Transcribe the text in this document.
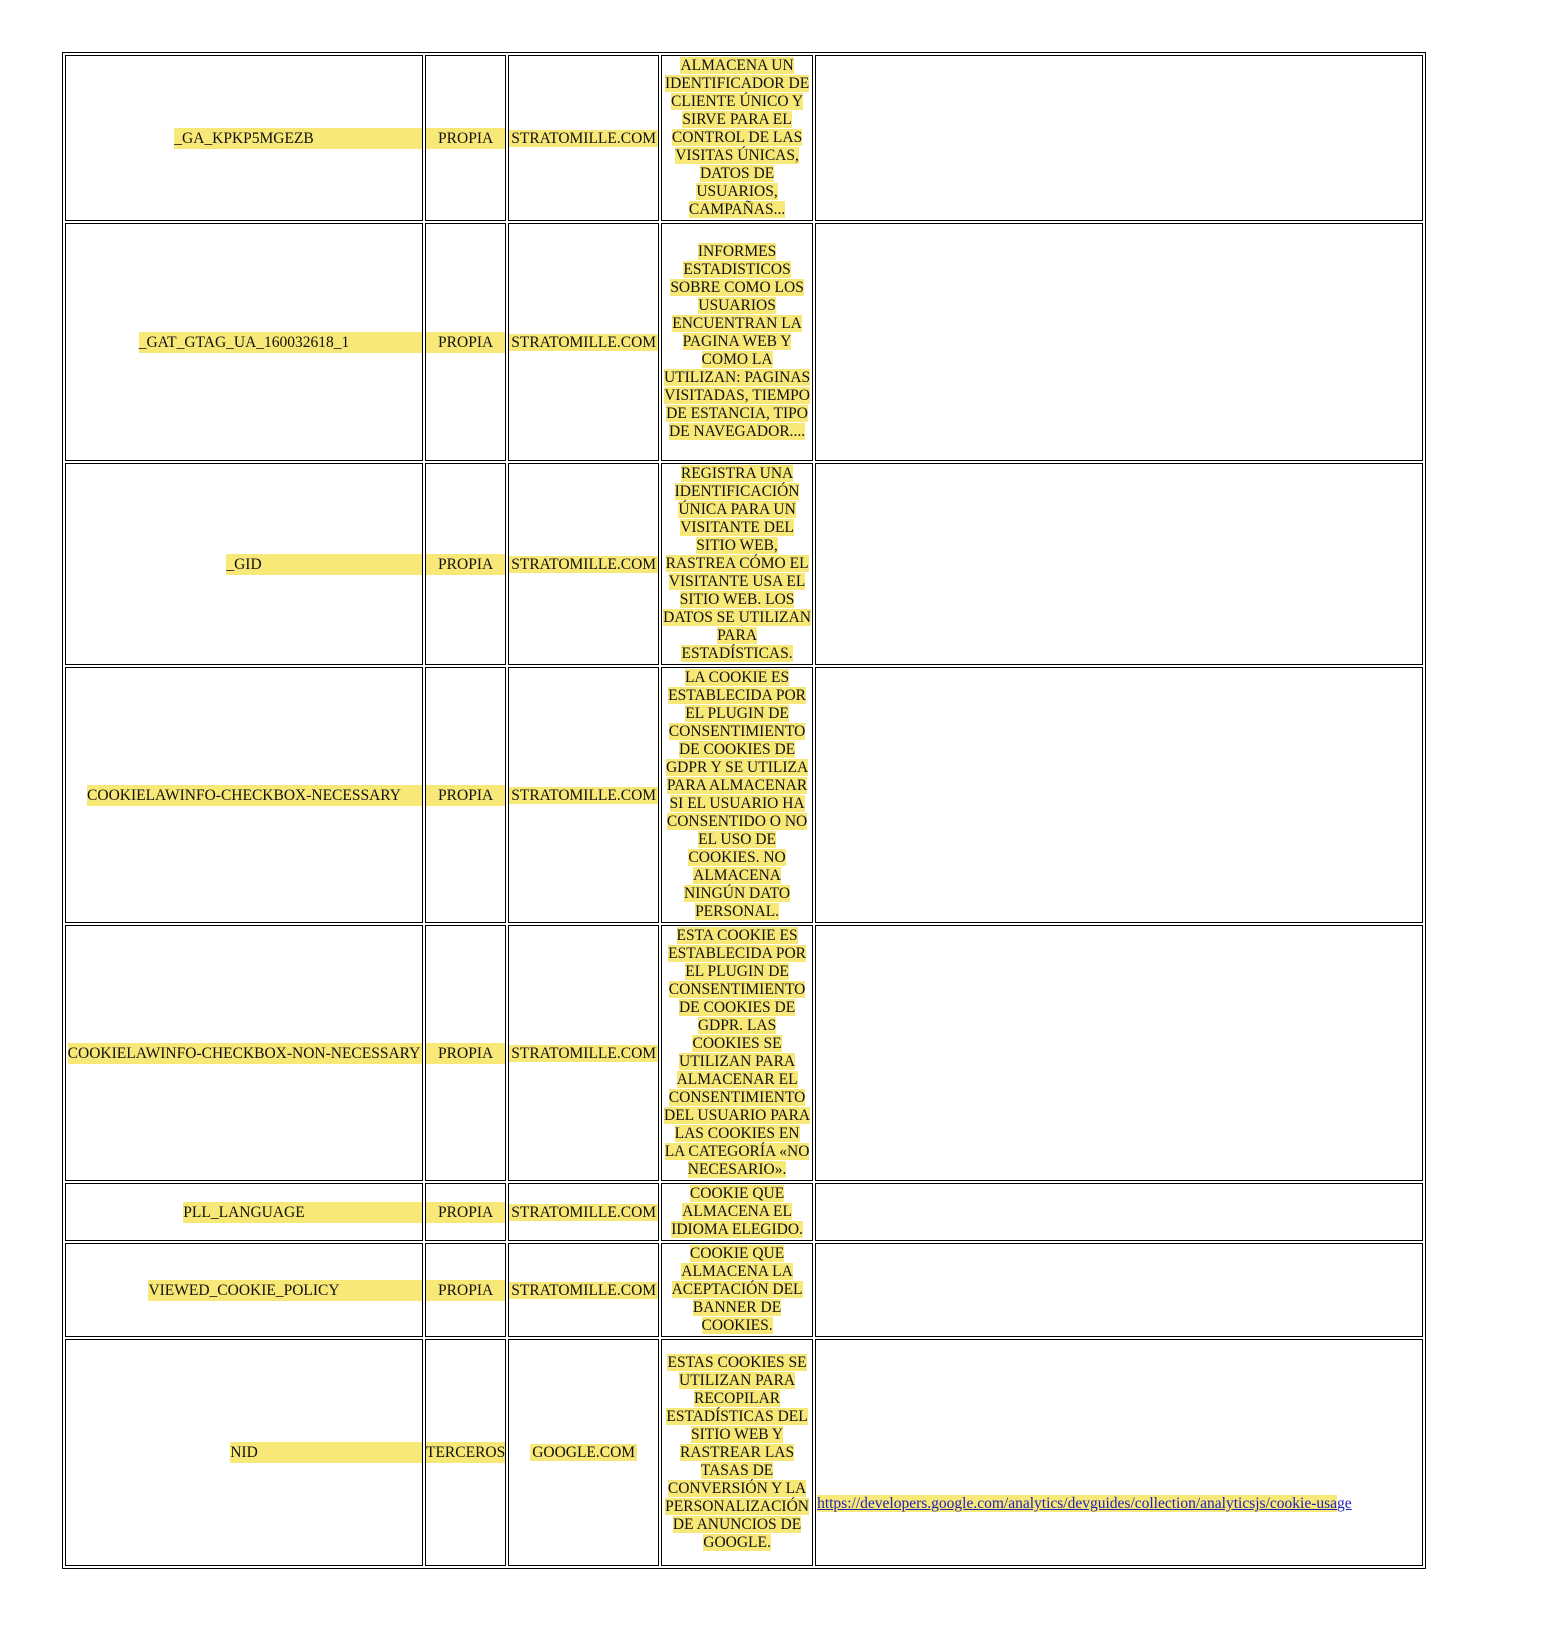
_GA_KPKP5MGEZB	PROPIA	STRATOMILLE.COM	ALMACENA UN IDENTIFICADOR DE CLIENTE ÚNICO Y SIRVE PARA EL CONTROL DE LAS VISITAS ÚNICAS, DATOS DE USUARIOS, CAMPAÑAS...	

_GAT_GTAG_UA_160032618_1	PROPIA	STRATOMILLE.COM	INFORMES ESTADISTICOS SOBRE COMO LOS USUARIOS ENCUENTRAN LA PAGINA WEB Y COMO LA UTILIZAN: PAGINAS VISITADAS, TIEMPO DE ESTANCIA, TIPO DE NAVEGADOR....	

_GID	PROPIA	STRATOMILLE.COM	REGISTRA UNA IDENTIFICACIÓN ÚNICA PARA UN VISITANTE DEL SITIO WEB, RASTREA CÓMO EL VISITANTE USA EL SITIO WEB. LOS DATOS SE UTILIZAN PARA ESTADÍSTICAS.	

COOKIELAWINFO-CHECKBOX-NECESSARY	PROPIA	STRATOMILLE.COM	LA COOKIE ES ESTABLECIDA POR EL PLUGIN DE CONSENTIMIENTO DE COOKIES DE GDPR Y SE UTILIZA PARA ALMACENAR SI EL USUARIO HA CONSENTIDO O NO EL USO DE COOKIES. NO ALMACENA NINGÚN DATO PERSONAL.	

COOKIELAWINFO-CHECKBOX-NON-NECESSARY	PROPIA	STRATOMILLE.COM	ESTA COOKIE ES ESTABLECIDA POR EL PLUGIN DE CONSENTIMIENTO DE COOKIES DE GDPR. LAS COOKIES SE UTILIZAN PARA ALMACENAR EL CONSENTIMIENTO DEL USUARIO PARA LAS COOKIES EN LA CATEGORÍA «NO NECESARIO».	

PLL_LANGUAGE	PROPIA	STRATOMILLE.COM	COOKIE QUE ALMACENA EL IDIOMA ELEGIDO.	

VIEWED_COOKIE_POLICY	PROPIA	STRATOMILLE.COM	COOKIE QUE ALMACENA LA ACEPTACIÓN DEL BANNER DE COOKIES.	

NID	TERCEROS	GOOGLE.COM	ESTAS COOKIES SE UTILIZAN PARA RECOPILAR ESTADÍSTICAS DEL SITIO WEB Y RASTREAR LAS TASAS DE CONVERSIÓN Y LA PERSONALIZACIÓN DE ANUNCIOS DE GOOGLE.	https://developers.google.com/analytics/devguides/collection/analyticsjs/cookie-usage
